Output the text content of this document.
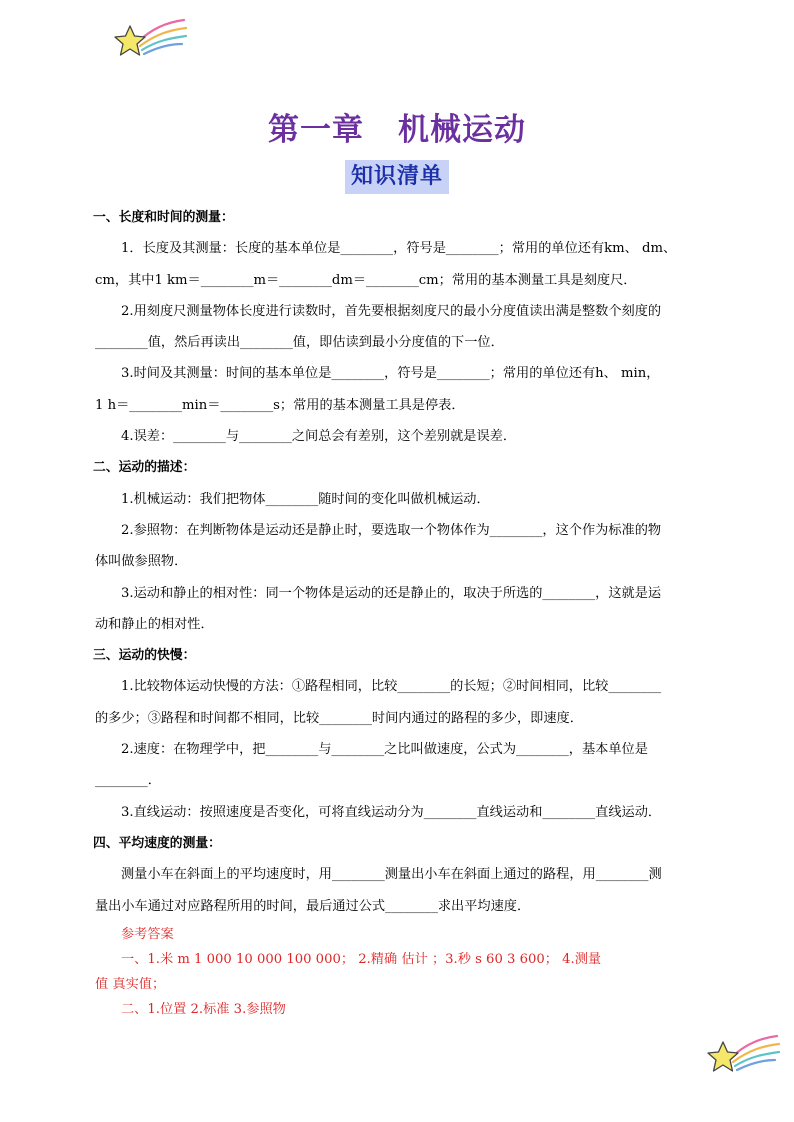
第一章 机械运动
知识清单
一、长度和时间的测量：
1．长度及其测量：长度的基本单位是________，符号是________；常用的单位还有km、 dm、
cm，其中1 km＝________m＝________dm＝________cm；常用的基本测量工具是刻度尺．
2.用刻度尺测量物体长度进行读数时，首先要根据刻度尺的最小分度值读出满是整数个刻度的
________值，然后再读出________值，即估读到最小分度值的下一位．
3.时间及其测量：时间的基本单位是________，符号是________；常用的单位还有h、 min，
1 h＝________min＝________s；常用的基本测量工具是停表．
4.误差：________与________之间总会有差别，这个差别就是误差．
二、运动的描述：
1.机械运动：我们把物体________随时间的变化叫做机械运动．
2.参照物：在判断物体是运动还是静止时，要选取一个物体作为________，这个作为标准的物
体叫做参照物．
3.运动和静止的相对性：同一个物体是运动的还是静止的，取决于所选的________，这就是运
动和静止的相对性．
三、运动的快慢：
1.比较物体运动快慢的方法：①路程相同，比较________的长短；②时间相同，比较________
的多少；③路程和时间都不相同，比较________时间内通过的路程的多少，即速度．
2.速度：在物理学中，把________与________之比叫做速度，公式为________，基本单位是
________．
3.直线运动：按照速度是否变化，可将直线运动分为________直线运动和________直线运动．
四、平均速度的测量：
测量小车在斜面上的平均速度时，用________测量出小车在斜面上通过的路程，用________测
量出小车通过对应路程所用的时间，最后通过公式________求出平均速度．
参考答案
一、1.米 m 1 000 10 000 100 000； 2.精确 估计 ；3.秒 s 60 3 600； 4.测量
值 真实值；
二、1.位置 2.标准 3.参照物
